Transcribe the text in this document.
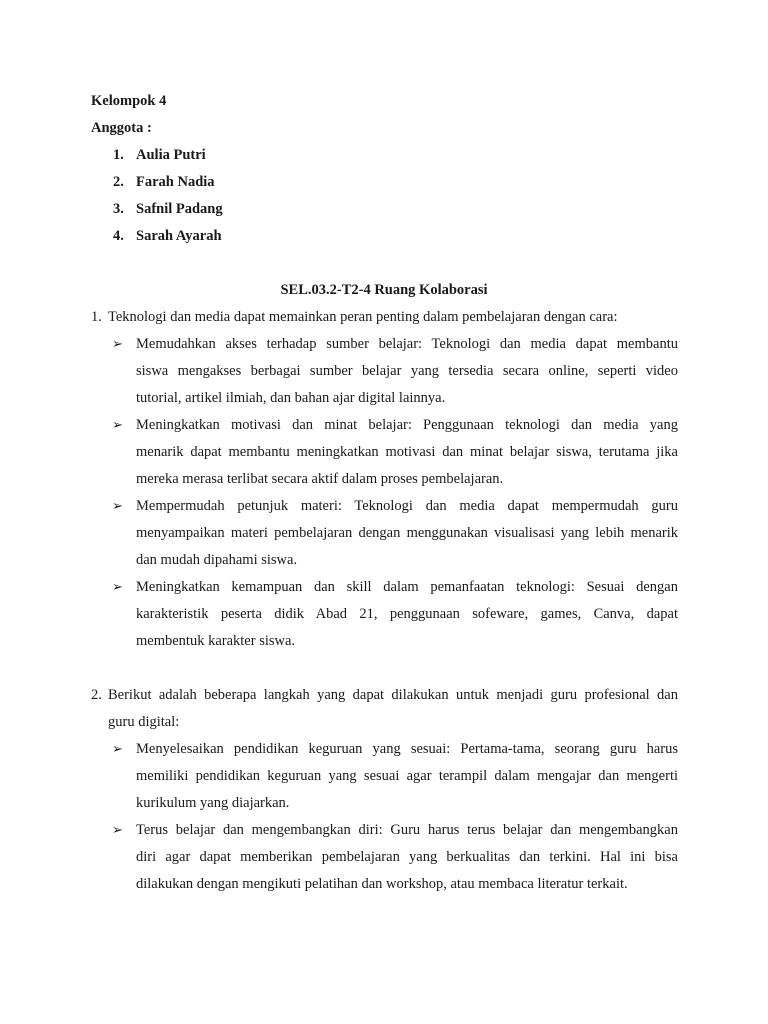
Kelompok 4
Anggota :
1. Aulia Putri
2. Farah Nadia
3. Safnil Padang
4. Sarah Ayarah
SEL.03.2-T2-4 Ruang Kolaborasi
1. Teknologi dan media dapat memainkan peran penting dalam pembelajaran dengan cara:
➢ Memudahkan akses terhadap sumber belajar: Teknologi dan media dapat membantu
siswa mengakses berbagai sumber belajar yang tersedia secara online, seperti video
tutorial, artikel ilmiah, dan bahan ajar digital lainnya.
➢ Meningkatkan motivasi dan minat belajar: Penggunaan teknologi dan media yang
menarik dapat membantu meningkatkan motivasi dan minat belajar siswa, terutama jika
mereka merasa terlibat secara aktif dalam proses pembelajaran.
➢ Mempermudah petunjuk materi: Teknologi dan media dapat mempermudah guru
menyampaikan materi pembelajaran dengan menggunakan visualisasi yang lebih menarik
dan mudah dipahami siswa.
➢ Meningkatkan kemampuan dan skill dalam pemanfaatan teknologi: Sesuai dengan
karakteristik peserta didik Abad 21, penggunaan sofeware, games, Canva, dapat
membentuk karakter siswa.
2. Berikut adalah beberapa langkah yang dapat dilakukan untuk menjadi guru profesional dan
guru digital:
➢ Menyelesaikan pendidikan keguruan yang sesuai: Pertama-tama, seorang guru harus
memiliki pendidikan keguruan yang sesuai agar terampil dalam mengajar dan mengerti
kurikulum yang diajarkan.
➢ Terus belajar dan mengembangkan diri: Guru harus terus belajar dan mengembangkan
diri agar dapat memberikan pembelajaran yang berkualitas dan terkini. Hal ini bisa
dilakukan dengan mengikuti pelatihan dan workshop, atau membaca literatur terkait.
